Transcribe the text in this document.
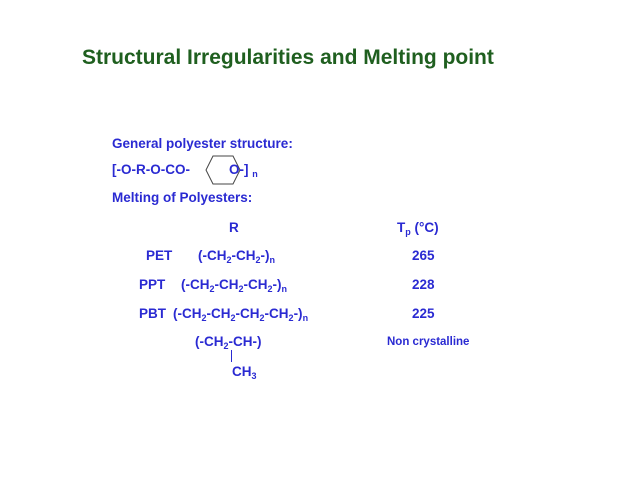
Structural Irregularities and Melting point
General polyester structure:
[-O-R-O-CO-	O-] $_n$
Melting of Polyesters:
R	$T_p$ (°C)
PET $(-CH_2-CH_2-)_n$	265
PPT $(-CH_2-CH_2-CH_2-)_n$	228
PBT $(-CH_2-CH_2-CH_2-CH_2-)_n$	225
$(-CH_2-CH-)$	Non crystalline
$CH_3$
